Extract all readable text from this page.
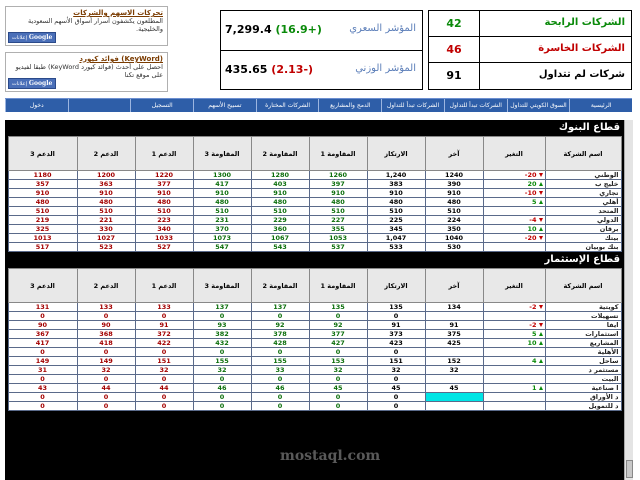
تحركات الاسهم والشركات
المطلعون يكشفون أسرار أسواق الأسهم السعودية والخليجية.
إعلانات Google
(KeyWord) فوائد كيورد
احصل على أحدث (فوائد كيورد KeyWord) طبقا لفيديو على موقع تكنا
إعلانات Google
7,299.4 (16.9+)	المؤشر السعري
435.65 (2.13-)	المؤشر الوزني
42	الشركات الرابحة
46	الشركات الخاسرة
91	شركات لم تتداول
الرئيسية
السوق الكويتي للتداول
الشركات تبدأ للتداول
الشركات تبدأ للتداول
الدمج والمشاريع
الشركات المختارة
تسبيح الأسهم
التسجيل
دخول
قطاع البنوك
اسم الشركة	التغير	آخر	الارتكاز	المقاومة 1	المقاومة 2	المقاومة 3	الدعم 1	الدعم 2	الدعم 3
الوطني	20-	1240	1,240	1260	1280	1300	1220	1200	1180
خليج ب	20	390	383	397	403	417	377	363	357
تجاري	10-	910	910	910	910	910	910	910	910
أهلي	5	480	480	480	480	480	480	480	480
المتحد		510	510	510	510	510	510	510	510
الدولي	4-	224	225	227	229	231	223	221	219
برقان	10	350	345	355	360	370	340	330	325
بيتك	20-	1040	1,047	1053	1067	1073	1033	1027	1013
بنك بوبيان		530	533	537	543	547	527	523	517
قطاع الإستثمار
اسم الشركة	التغير	آخر	الارتكاز	المقاومة 1	المقاومة 2	المقاومة 3	الدعم 1	الدعم 2	الدعم 3
كويتية	2-	134	135	135	137	137	133	133	131
تسهيلات			0	0	0	0	0	0	0
ايفا	2-	91	91	92	92	93	91	90	90
استثمارات	5	375	373	377	378	382	372	368	367
المشاريع	10	425	423	427	428	432	422	418	417
الأهلية			0	0	0	0	0	0	0
ساحل	4	152	151	153	155	155	151	149	149
مستثمر د		32	32	32	33	32	32	32	31
البيت			0	0	0	0	0	0	0
ا صناعية	1	45	45	45	46	46	44	44	43
د الأوراق			0	0	0	0	0	0	0
د للتمويل			0	0	0	0	0	0	0
mostaql.com
